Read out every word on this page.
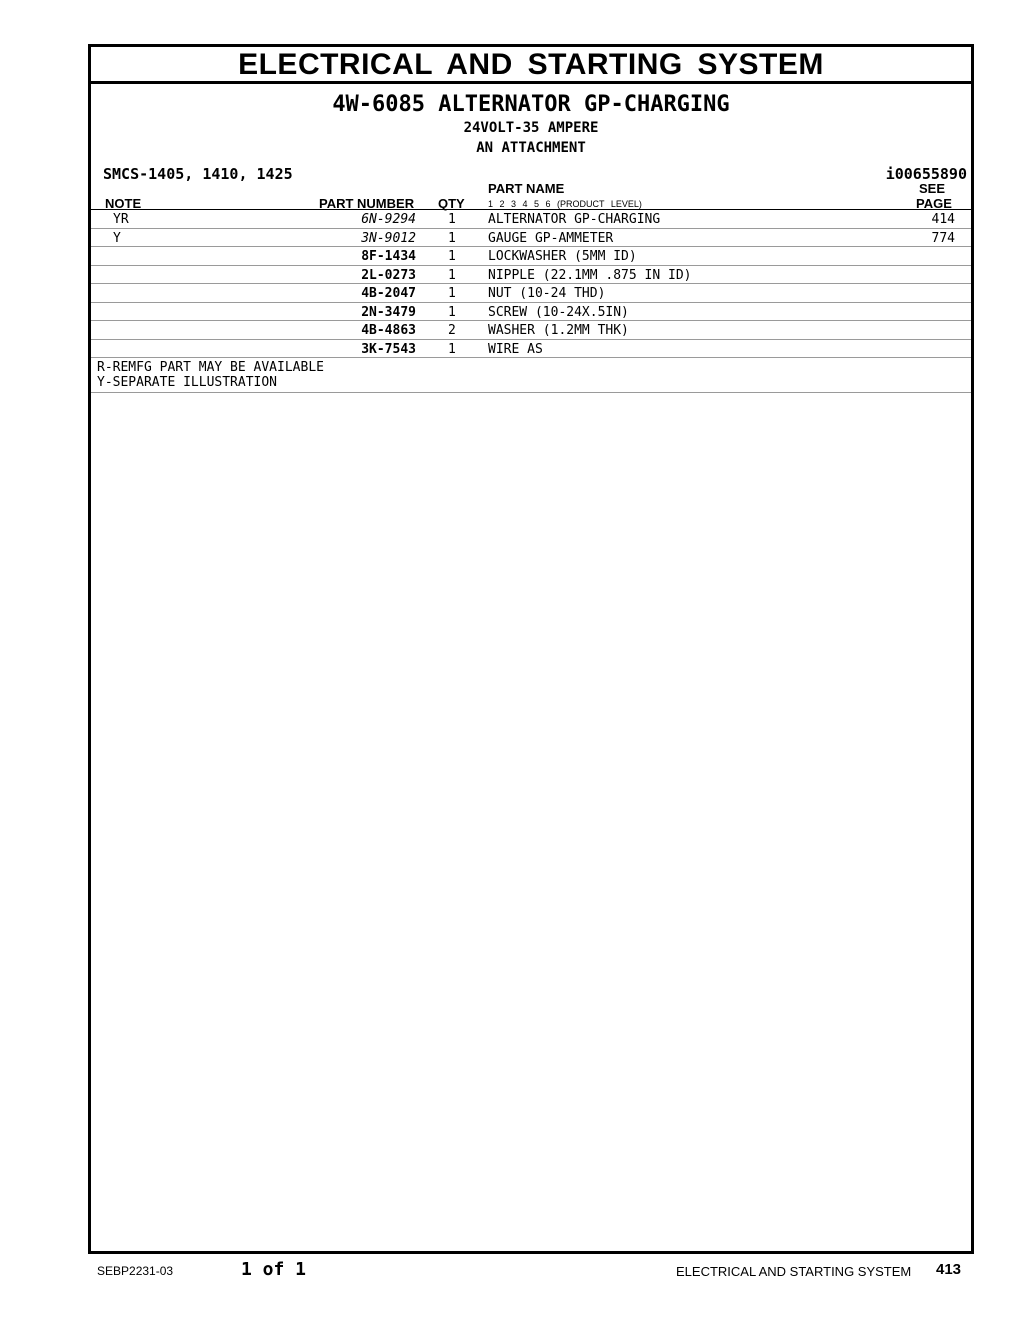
ELECTRICAL AND STARTING SYSTEM
4W-6085 ALTERNATOR GP-CHARGING
24VOLT-35 AMPERE
AN ATTACHMENT
SMCS-1405, 1410, 1425	i00655890
NOTE	PART NUMBER QTY
PART NAME
1 2 3 4 5 6 (PRODUCT LEVEL)
SEE
PAGE
YR	6N-9294 1 ALTERNATOR GP-CHARGING	414
Y	3N-9012 1 GAUGE GP-AMMETER	774
8F-1434 1 LOCKWASHER (5MM ID)
2L-0273 1 NIPPLE (22.1MM .875 IN ID)
4B-2047 1 NUT (10-24 THD)
2N-3479 1 SCREW (10-24X.5IN)
4B-4863 2 WASHER (1.2MM THK)
3K-7543 1 WIRE AS
R-REMFG PART MAY BE AVAILABLE
Y-SEPARATE ILLUSTRATION
SEBP2231-03	1 of 1	ELECTRICAL AND STARTING SYSTEM 413
